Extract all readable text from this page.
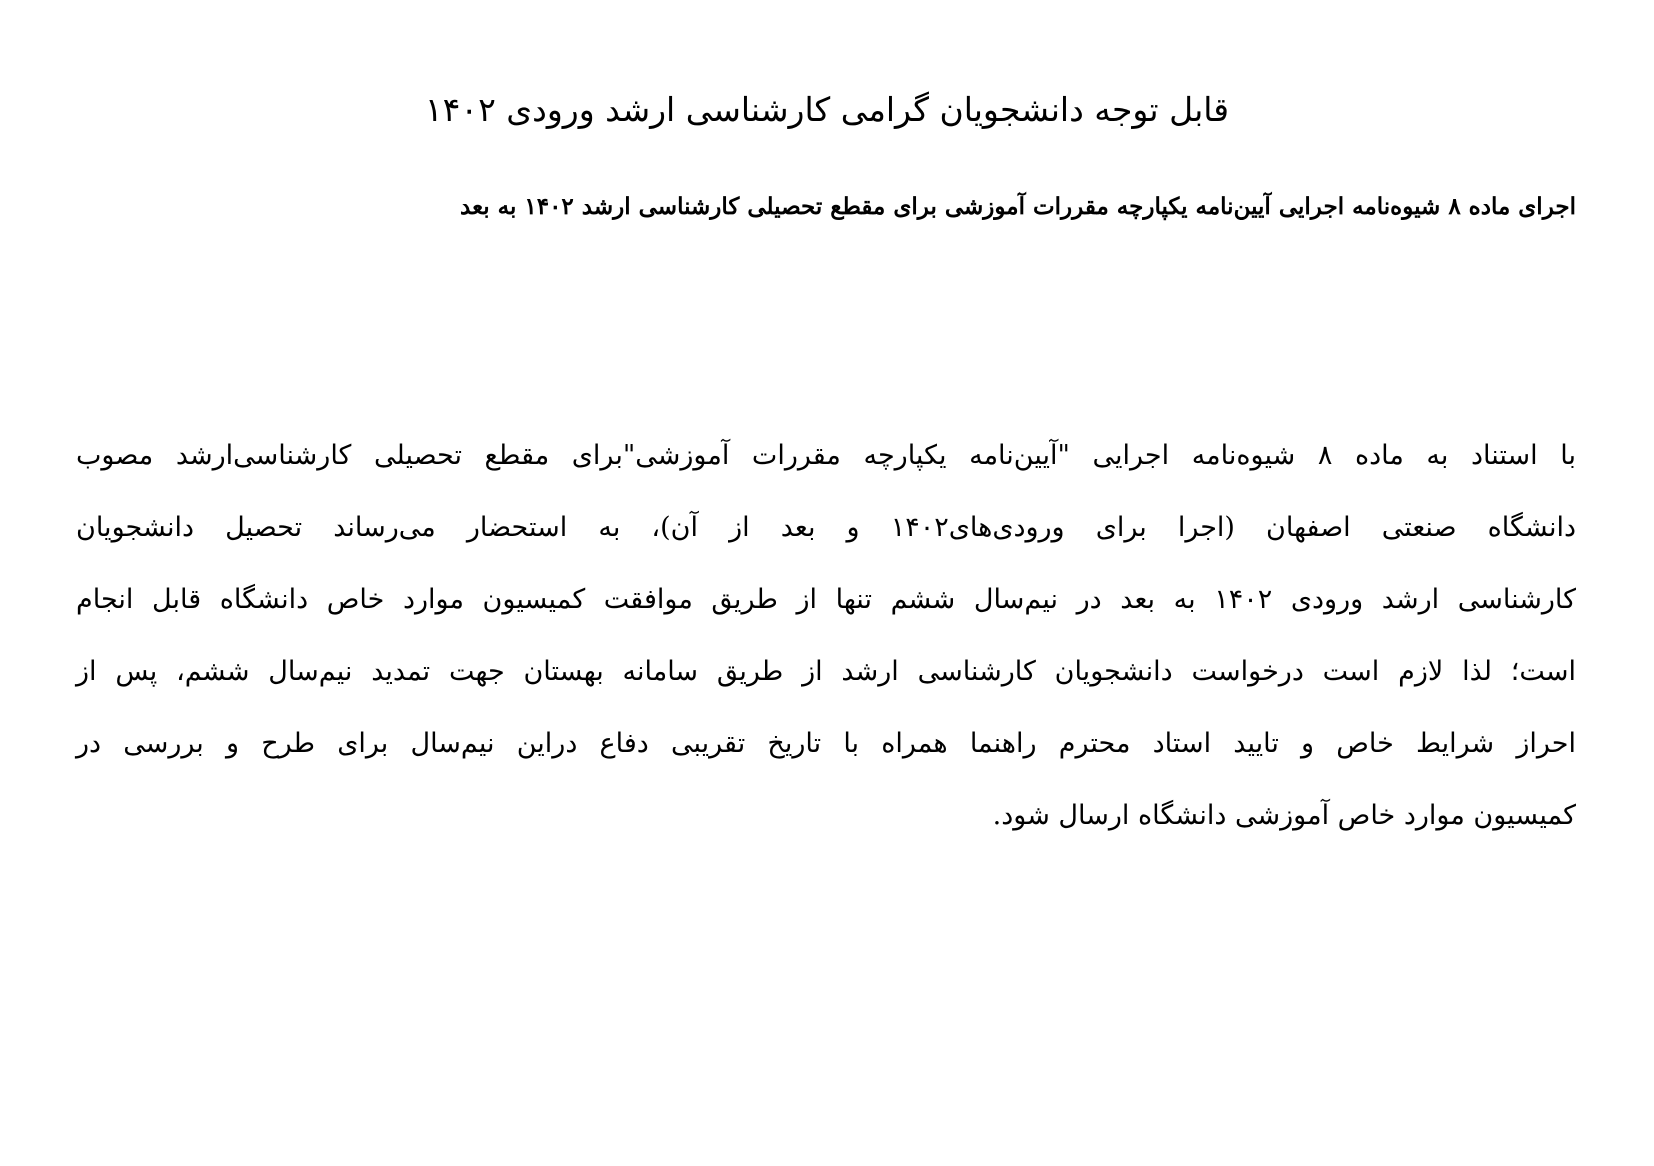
قابل توجه دانشجویان گرامی کارشناسی ارشد ورودی ۱۴۰۲

اجرای ماده ۸ شیوه‌نامه اجرایی آیین‌نامه یکپارچه مقررات آموزشی برای مقطع تحصیلی کارشناسی ارشد ۱۴۰۲ به بعد

با استناد به ماده ۸ شیوه‌نامه اجرایی "آیین‌نامه یکپارچه مقررات آموزشی"برای مقطع تحصیلی کارشناسی‌ارشد مصوب
دانشگاه صنعتی اصفهان (اجرا برای ورودی‌های۱۴۰۲ و بعد از آن)، به استحضار می‌رساند تحصیل دانشجویان
کارشناسی ارشد ورودی ۱۴۰۲ به بعد در نیم‌سال ششم تنها از طریق موافقت کمیسیون موارد خاص دانشگاه قابل انجام
است؛ لذا لازم است درخواست دانشجویان کارشناسی ارشد از طریق سامانه بهستان جهت تمدید نیم‌سال ششم، پس از
احراز شرایط خاص و تایید استاد محترم راهنما همراه با تاریخ تقریبی دفاع دراین نیم‌سال برای طرح و بررسی در
کمیسیون موارد خاص آموزشی دانشگاه ارسال شود.
